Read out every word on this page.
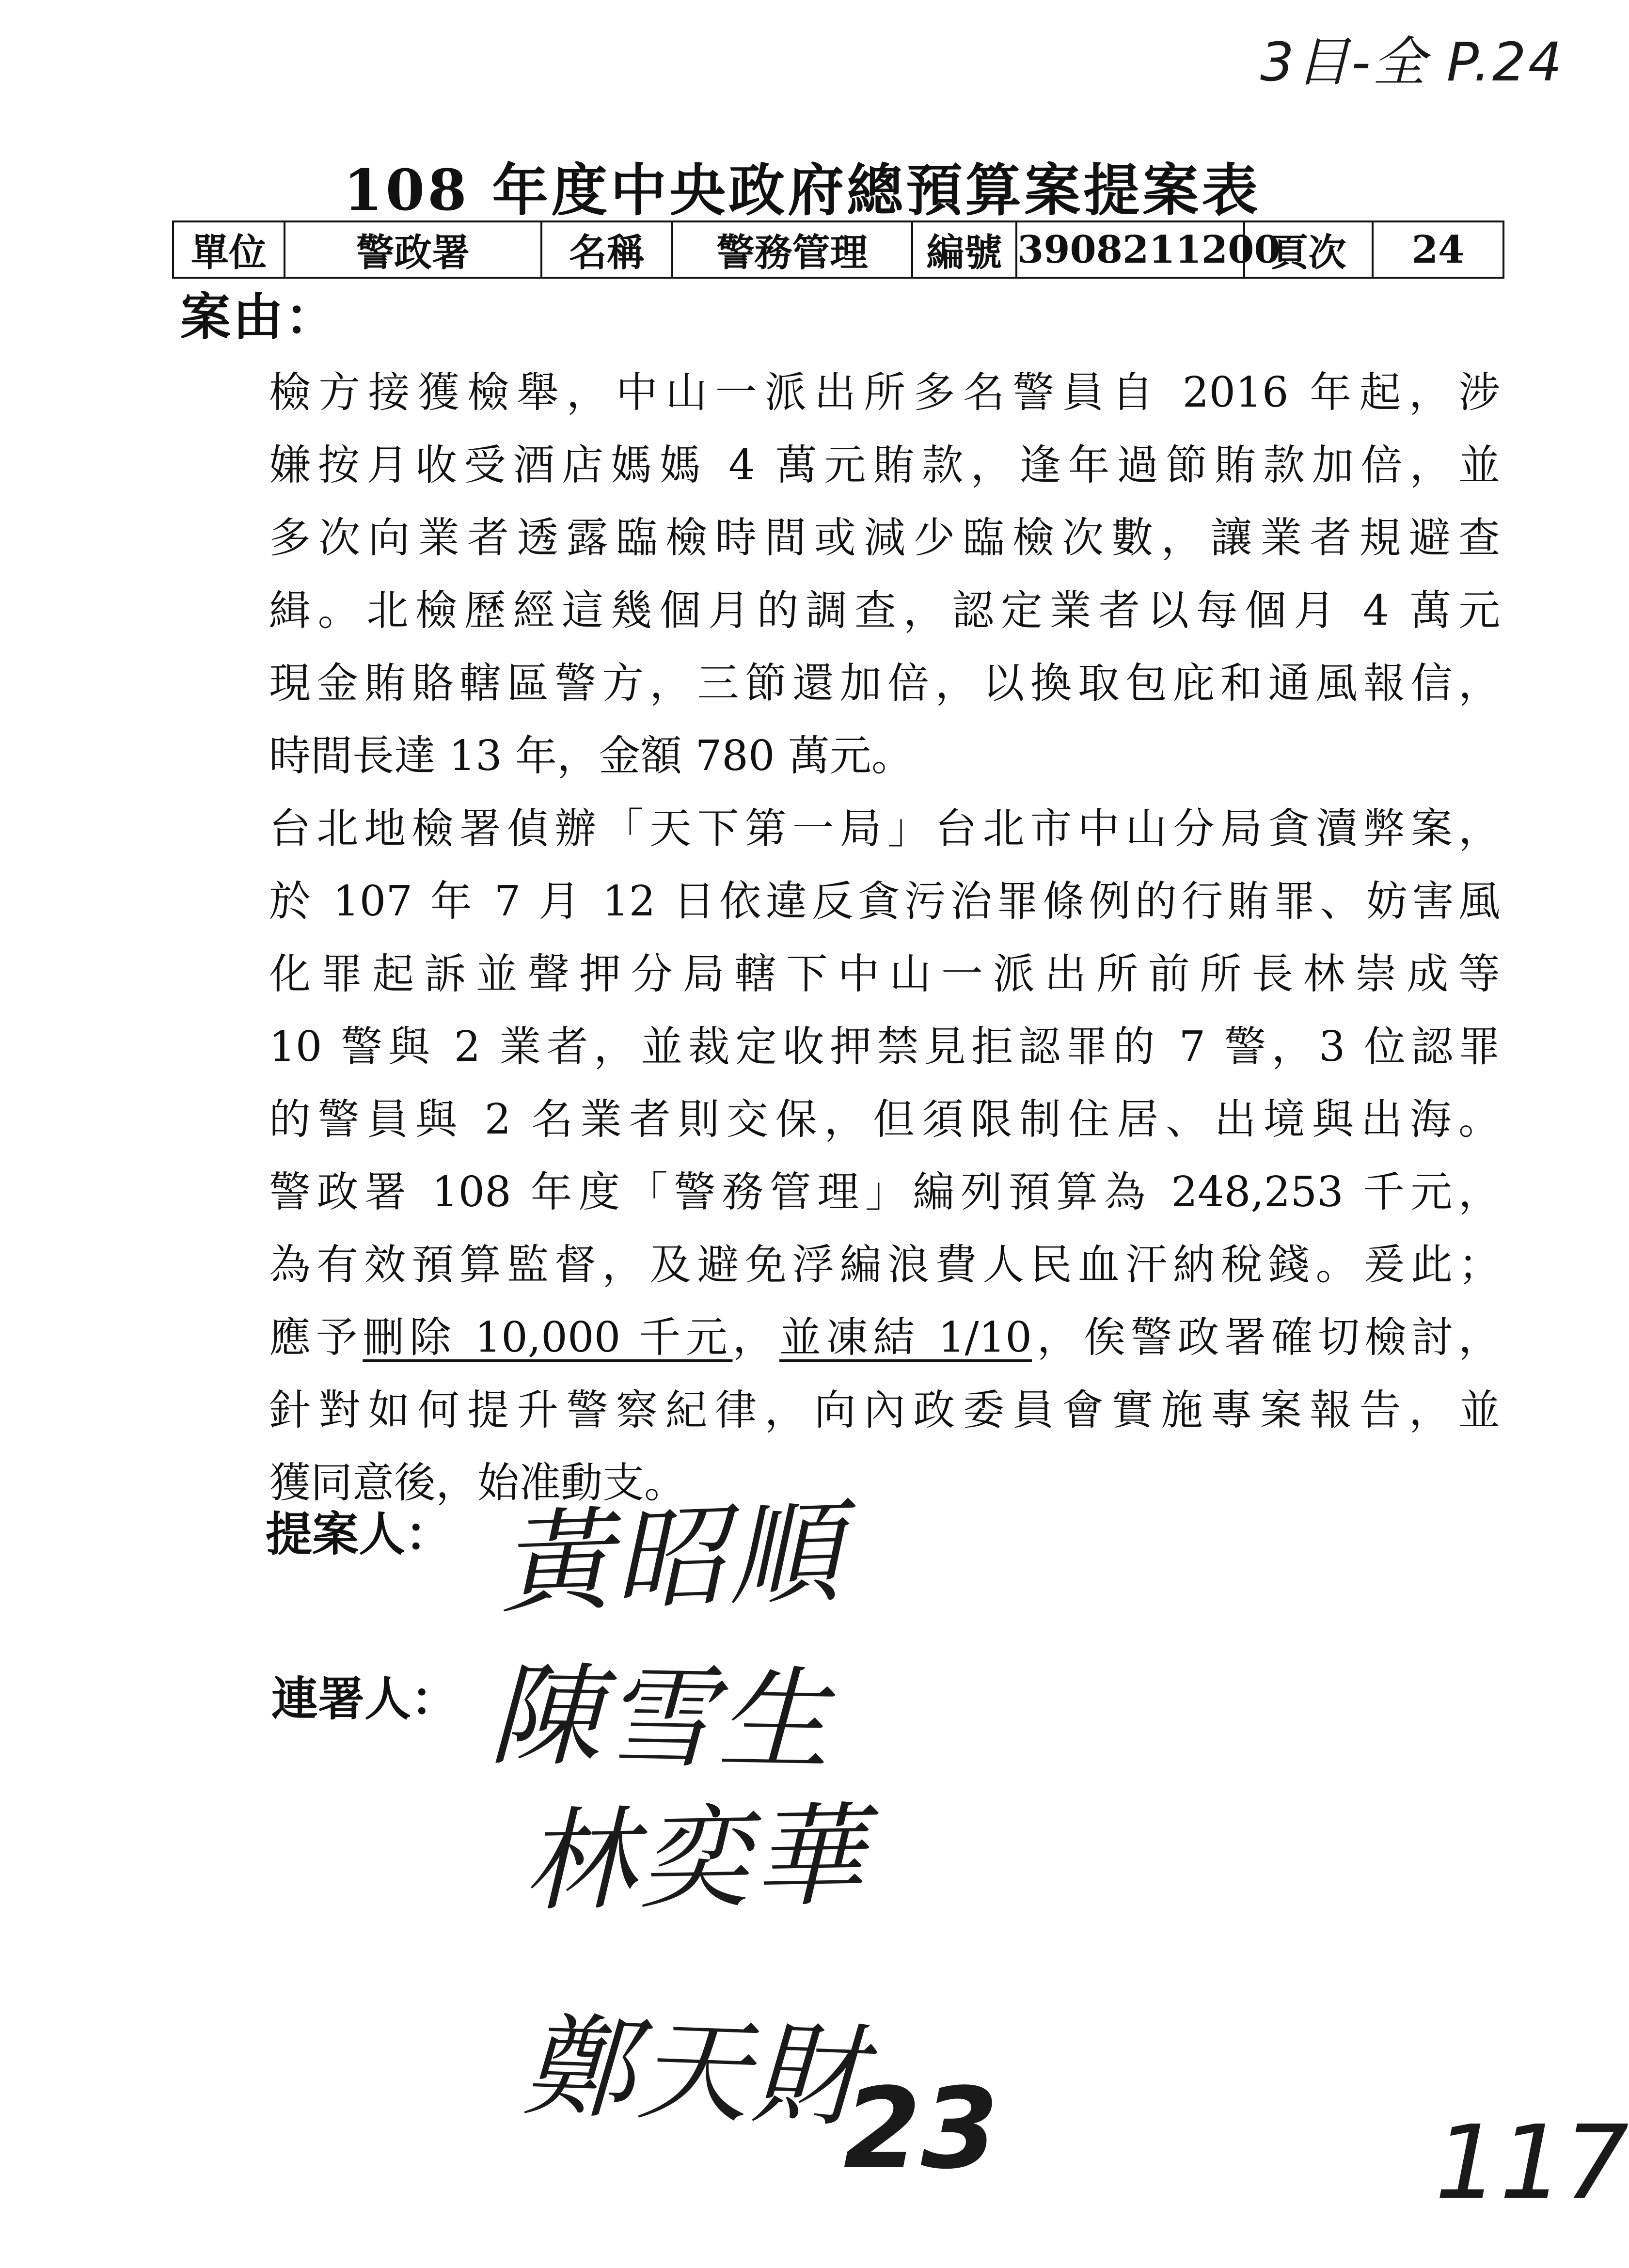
3目-全 P.24
108 年度中央政府總預算案提案表
單位	警政署	名稱	警務管理	編號	3908211200	頁次	24
案由：
檢方接獲檢舉，中山一派出所多名警員自 2016 年起，涉
嫌按月收受酒店媽媽 4 萬元賄款，逢年過節賄款加倍，並
多次向業者透露臨檢時間或減少臨檢次數，讓業者規避查
緝。北檢歷經這幾個月的調查，認定業者以每個月 4 萬元
現金賄賂轄區警方，三節還加倍，以換取包庇和通風報信，
時間長達 13 年，金額 780 萬元。
台北地檢署偵辦「天下第一局」台北市中山分局貪瀆弊案，
於 107 年 7 月 12 日依違反貪污治罪條例的行賄罪、妨害風
化罪起訴並聲押分局轄下中山一派出所前所長林崇成等
10 警與 2 業者，並裁定收押禁見拒認罪的 7 警，3 位認罪
的警員與 2 名業者則交保，但須限制住居、出境與出海。
警政署 108 年度「警務管理」編列預算為 248,253 千元，
為有效預算監督，及避免浮編浪費人民血汗納稅錢。爰此；
應予刪除 10,000 千元，並凍結 1/10，俟警政署確切檢討，
針對如何提升警察紀律，向內政委員會實施專案報告，並
獲同意後，始准動支。
提案人： 黃昭順
連署人： 陳雪生
林奕華
鄭天財
23	117
